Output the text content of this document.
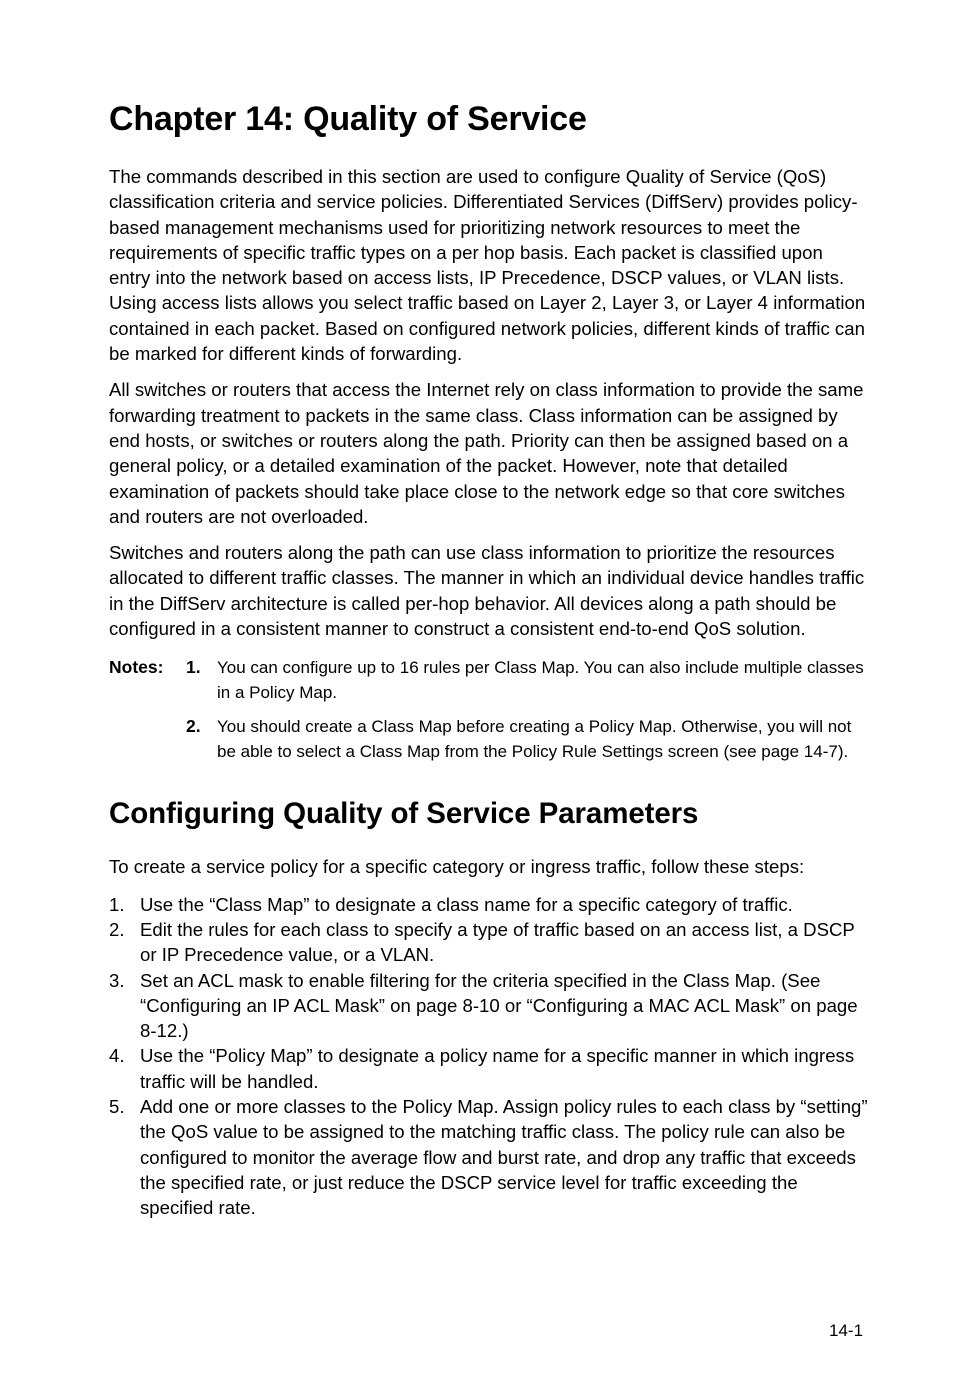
Chapter 14: Quality of Service

The commands described in this section are used to configure Quality of Service (QoS) classification criteria and service policies. Differentiated Services (DiffServ) provides policy-based management mechanisms used for prioritizing network resources to meet the requirements of specific traffic types on a per hop basis. Each packet is classified upon entry into the network based on access lists, IP Precedence, DSCP values, or VLAN lists. Using access lists allows you select traffic based on Layer 2, Layer 3, or Layer 4 information contained in each packet. Based on configured network policies, different kinds of traffic can be marked for different kinds of forwarding.

All switches or routers that access the Internet rely on class information to provide the same forwarding treatment to packets in the same class. Class information can be assigned by end hosts, or switches or routers along the path. Priority can then be assigned based on a general policy, or a detailed examination of the packet. However, note that detailed examination of packets should take place close to the network edge so that core switches and routers are not overloaded.

Switches and routers along the path can use class information to prioritize the resources allocated to different traffic classes. The manner in which an individual device handles traffic in the DiffServ architecture is called per-hop behavior. All devices along a path should be configured in a consistent manner to construct a consistent end-to-end QoS solution.

Notes: 1. You can configure up to 16 rules per Class Map. You can also include multiple classes in a Policy Map.
2. You should create a Class Map before creating a Policy Map. Otherwise, you will not be able to select a Class Map from the Policy Rule Settings screen (see page 14-7).
Configuring Quality of Service Parameters

To create a service policy for a specific category or ingress traffic, follow these steps:

1. Use the “Class Map” to designate a class name for a specific category of traffic.
2. Edit the rules for each class to specify a type of traffic based on an access list, a DSCP or IP Precedence value, or a VLAN.
3. Set an ACL mask to enable filtering for the criteria specified in the Class Map. (See “Configuring an IP ACL Mask” on page 8-10 or “Configuring a MAC ACL Mask” on page 8-12.)
4. Use the “Policy Map” to designate a policy name for a specific manner in which ingress traffic will be handled.
5. Add one or more classes to the Policy Map. Assign policy rules to each class by “setting” the QoS value to be assigned to the matching traffic class. The policy rule can also be configured to monitor the average flow and burst rate, and drop any traffic that exceeds the specified rate, or just reduce the DSCP service level for traffic exceeding the specified rate.
14-1
